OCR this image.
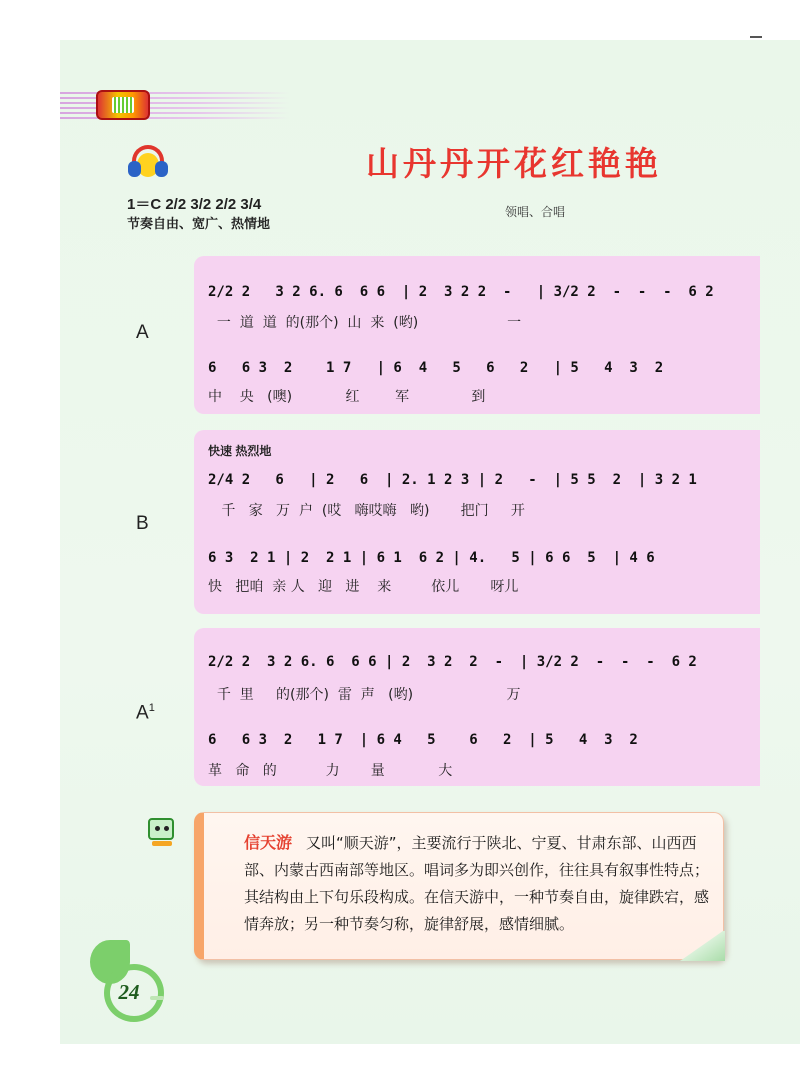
山丹丹开花红艳艳
1＝C 2/2 3/2 2/2 3/4
节奏自由、宽广、热情地
领唱、合唱
A
2/2 2   3 2 6. 6  6 6  | 2  3 2 2  -   | 3/2 2  -  -  -  6 2
一  道  道  的(那个)  山  来  (哟)                    一
6   6 3  2    1 7   | 6  4   5   6   2   | 5   4  3  2
中    央   (噢)            红        军              到
B
快速 热烈地
2/4 2   6   | 2   6  | 2. 1 2 3 | 2   -  | 5 5  2  | 3 2 1
千   家   万  户  (哎   嗨哎嗨   哟)       把门     开
6 3  2 1 | 2  2 1 | 6 1  6 2 | 4.   5 | 6 6  5  | 4 6
快   把咱  亲 人   迎   进    来         依儿       呀儿
$A^1$
2/2 2  3 2 6. 6  6 6 | 2  3 2  2  -  | 3/2 2  -  -  -  6 2
千  里     的(那个)  雷  声   (哟)                     万
6   6 3  2   1 7  | 6 4   5    6   2  | 5   4  3  2
革   命   的           力       量            大
信天游 又叫“顺天游”，主要流行于陕北、宁夏、甘肃东部、山西西部、内蒙古西南部等地区。唱词多为即兴创作，往往具有叙事性特点；其结构由上下句乐段构成。在信天游中，一种节奏自由，旋律跌宕，感情奔放；另一种节奏匀称，旋律舒展，感情细腻。
24
